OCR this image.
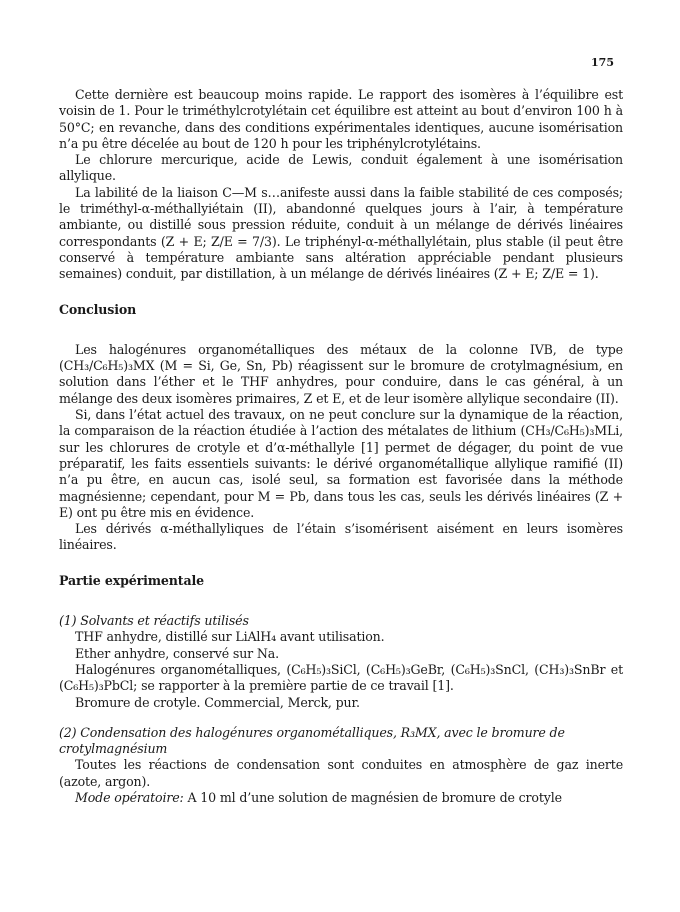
175

Cette dernière est beaucoup moins rapide. Le rapport des isomères à l’équilibre est voisin de 1. Pour le triméthylcrotylétain cet équilibre est atteint au bout d’environ 100 h à 50°C; en revanche, dans des conditions expérimentales identiques, aucune isomérisation n’a pu être décelée au bout de 120 h pour les triphénylcrotylétains.

Le chlorure mercurique, acide de Lewis, conduit également à une isomérisation allylique.

La labilité de la liaison C—M s…anifeste aussi dans la faible stabilité de ces composés; le triméthyl-α-méthallyiétain (II), abandonné quelques jours à l’air, à température ambiante, ou distillé sous pression réduite, conduit à un mélange de dérivés linéaires correspondants (Z + E; Z/E = 7/3). Le triphényl-α-méthallylétain, plus stable (il peut être conservé à température ambiante sans altération appréciable pendant plusieurs semaines) conduit, par distillation, à un mélange de dérivés linéaires (Z + E; Z/E = 1).

Conclusion

Les halogénures organométalliques des métaux de la colonne IVB, de type (CH₃/C₆H₅)₃MX (M = Si, Ge, Sn, Pb) réagissent sur le bromure de crotylmagnésium, en solution dans l’éther et le THF anhydres, pour conduire, dans le cas général, à un mélange des deux isomères primaires, Z et E, et de leur isomère allylique secondaire (II).

Si, dans l’état actuel des travaux, on ne peut conclure sur la dynamique de la réaction, la comparaison de la réaction étudiée à l’action des métalates de lithium (CH₃/C₆H₅)₃MLi, sur les chlorures de crotyle et d’α-méthallyle [1] permet de dégager, du point de vue préparatif, les faits essentiels suivants: le dérivé organométallique allylique ramifié (II) n’a pu être, en aucun cas, isolé seul, sa formation est favorisée dans la méthode magnésienne; cependant, pour M = Pb, dans tous les cas, seuls les dérivés linéaires (Z + E) ont pu être mis en évidence.

Les dérivés α-méthallyliques de l’étain s’isomérisent aisément en leurs isomères linéaires.

Partie expérimentale
(1) Solvants et réactifs utilisés

THF anhydre, distillé sur LiAlH₄ avant utilisation.

Ether anhydre, conservé sur Na.

Halogénures organométalliques, (C₆H₅)₃SiCl, (C₆H₅)₃GeBr, (C₆H₅)₃SnCl, (CH₃)₃SnBr et (C₆H₅)₃PbCl; se rapporter à la première partie de ce travail [1].

Bromure de crotyle. Commercial, Merck, pur.

(2) Condensation des halogénures organométalliques, R₃MX, avec le bromure de crotylmagnésium

Toutes les réactions de condensation sont conduites en atmosphère de gaz inerte (azote, argon).

Mode opératoire: A 10 ml d’une solution de magnésien de bromure de crotyle
